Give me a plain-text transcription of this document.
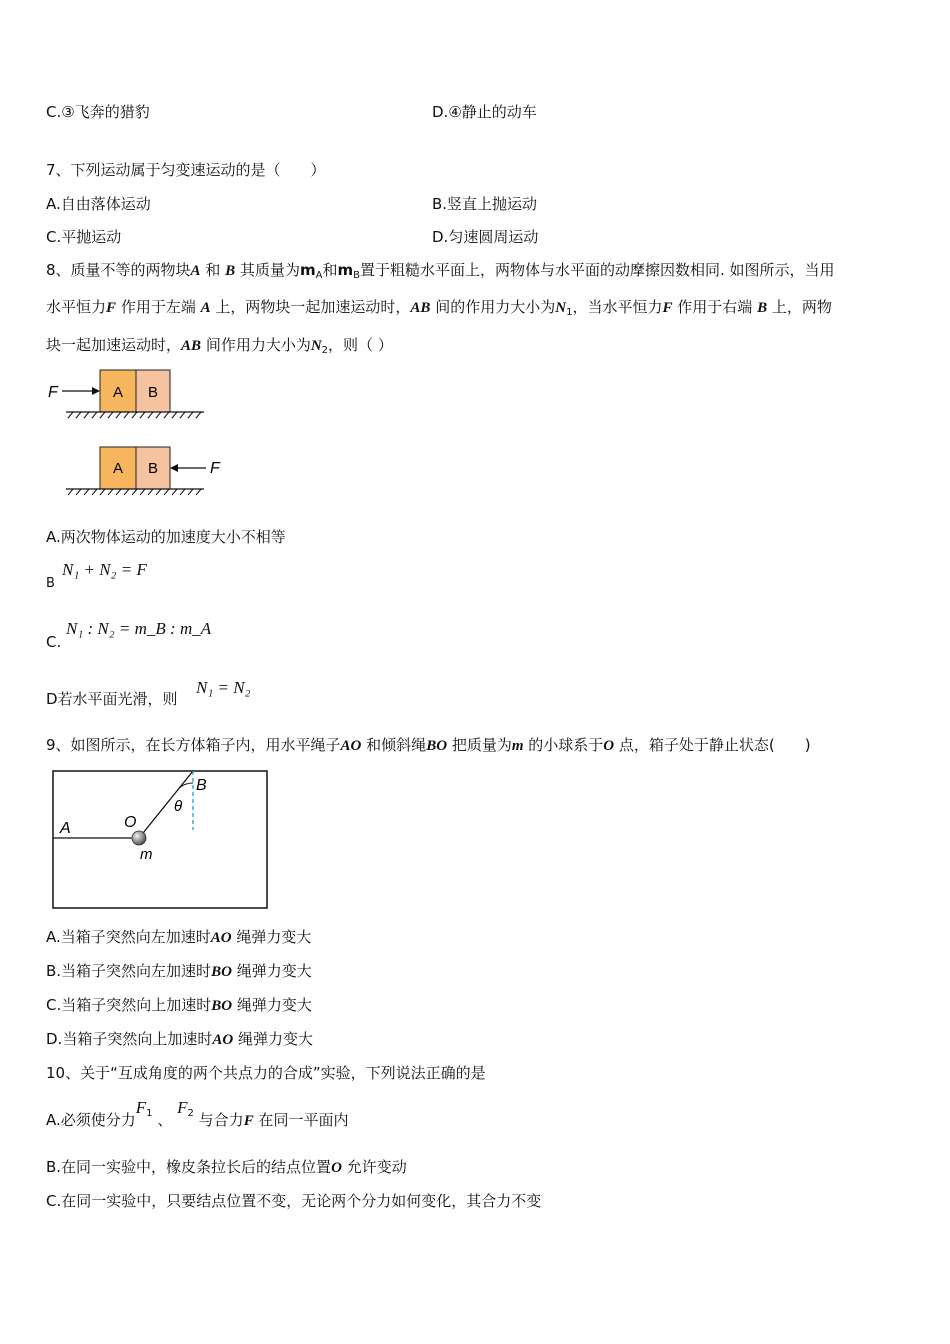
C.③飞奔的猎豹	D.④静止的动车
7、下列运动属于匀变速运动的是（　　）
A.自由落体运动	B.竖直上抛运动
C.平抛运动	D.匀速圆周运动
8、质量不等的两物块A 和 B 其质量为$m_A$和$m_B$置于粗糙水平面上，两物体与水平面的动摩擦因数相同. 如图所示，当用
水平恒力F 作用于左端 A 上，两物块一起加速运动时，AB 间的作用力大小为$N_1$，当水平恒力F 作用于右端 B 上，两物
块一起加速运动时，AB 间作用力大小为$N_2$，则（ ）
F	A B
A B	F
A.两次物体运动的加速度大小不相等
B
N₁ + N₂ = F
C.
N₁ : N₂ = m_B : m_A
D若水平面光滑，则
N₁ = N₂
9、如图所示，在长方体箱子内，用水平绳子AO 和倾斜绳BO 把质量为m 的小球系于O 点，箱子处于静止状态(　　)
A	O
B
m
θ
A.当箱子突然向左加速时AO 绳弹力变大
B.当箱子突然向左加速时BO 绳弹力变大
C.当箱子突然向上加速时BO 绳弹力变大
D.当箱子突然向上加速时AO 绳弹力变大
10、关于“互成角度的两个共点力的合成”实验，下列说法正确的是
A.必须使分力$F^1$ 、 $F^2$ 与合力F 在同一平面内
B.在同一实验中，橡皮条拉长后的结点位置O 允许变动
C.在同一实验中，只要结点位置不变，无论两个分力如何变化，其合力不变
